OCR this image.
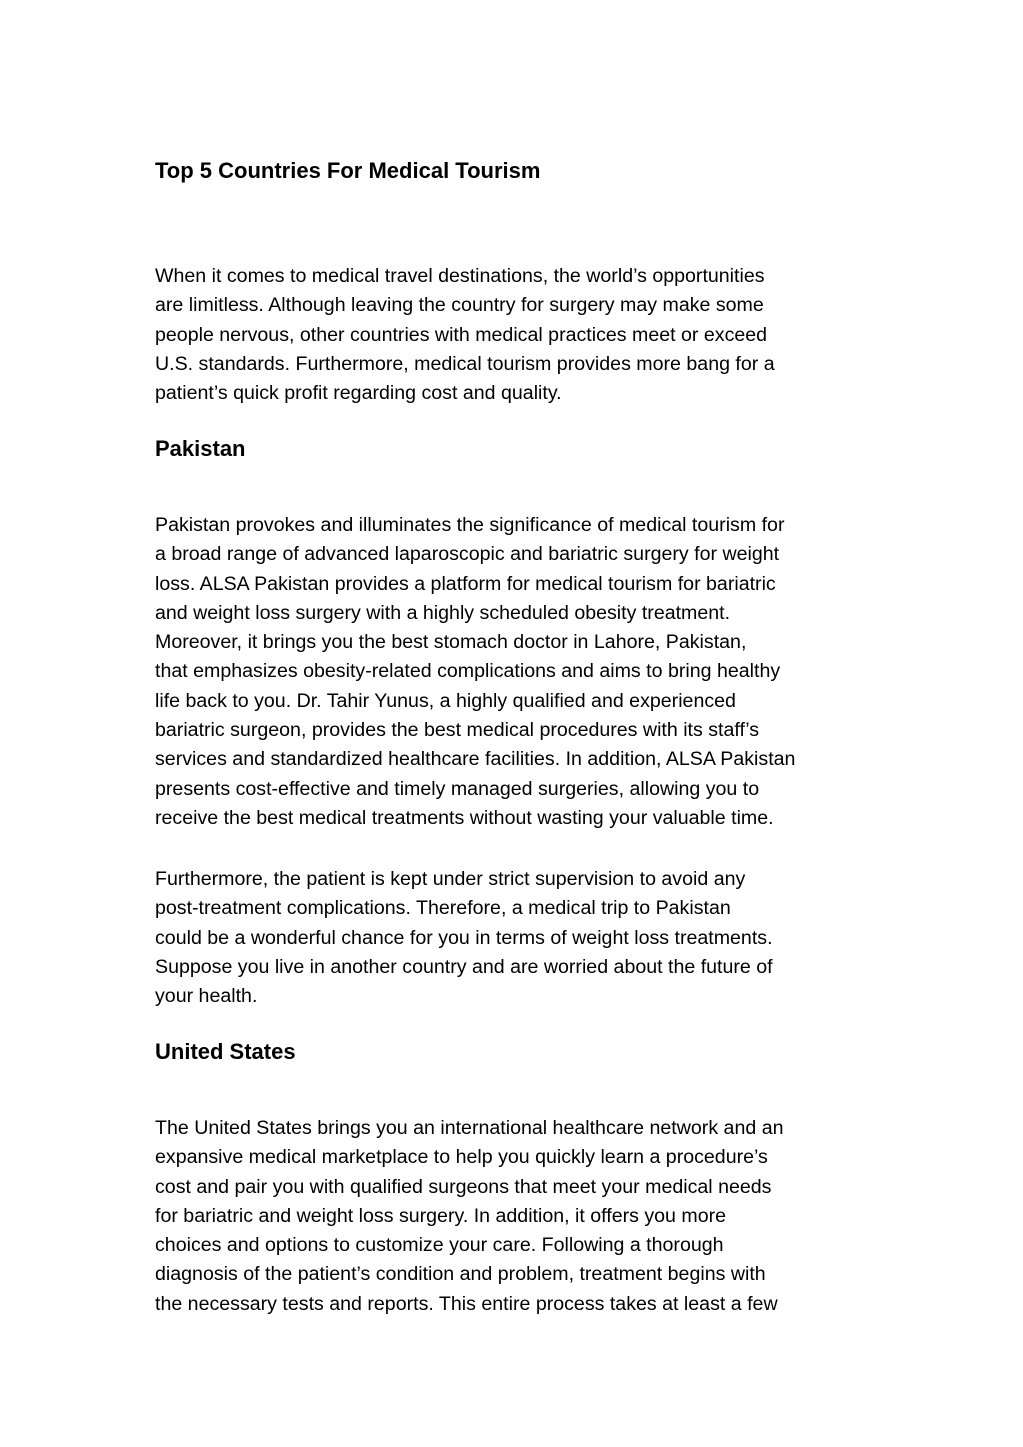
Top 5 Countries For Medical Tourism

When it comes to medical travel destinations, the world’s opportunities
are limitless. Although leaving the country for surgery may make some
people nervous, other countries with medical practices meet or exceed
U.S. standards. Furthermore, medical tourism provides more bang for a
patient’s quick profit regarding cost and quality.

Pakistan

Pakistan provokes and illuminates the significance of medical tourism for
a broad range of advanced laparoscopic and bariatric surgery for weight
loss. ALSA Pakistan provides a platform for medical tourism for bariatric
and weight loss surgery with a highly scheduled obesity treatment.
Moreover, it brings you the best stomach doctor in Lahore, Pakistan,
that emphasizes obesity-related complications and aims to bring healthy
life back to you. Dr. Tahir Yunus, a highly qualified and experienced
bariatric surgeon, provides the best medical procedures with its staff’s
services and standardized healthcare facilities. In addition, ALSA Pakistan
presents cost-effective and timely managed surgeries, allowing you to
receive the best medical treatments without wasting your valuable time.

Furthermore, the patient is kept under strict supervision to avoid any
post-treatment complications. Therefore, a medical trip to Pakistan
could be a wonderful chance for you in terms of weight loss treatments.
Suppose you live in another country and are worried about the future of
your health.

United States

The United States brings you an international healthcare network and an
expansive medical marketplace to help you quickly learn a procedure’s
cost and pair you with qualified surgeons that meet your medical needs
for bariatric and weight loss surgery. In addition, it offers you more
choices and options to customize your care. Following a thorough
diagnosis of the patient’s condition and problem, treatment begins with
the necessary tests and reports. This entire process takes at least a few
